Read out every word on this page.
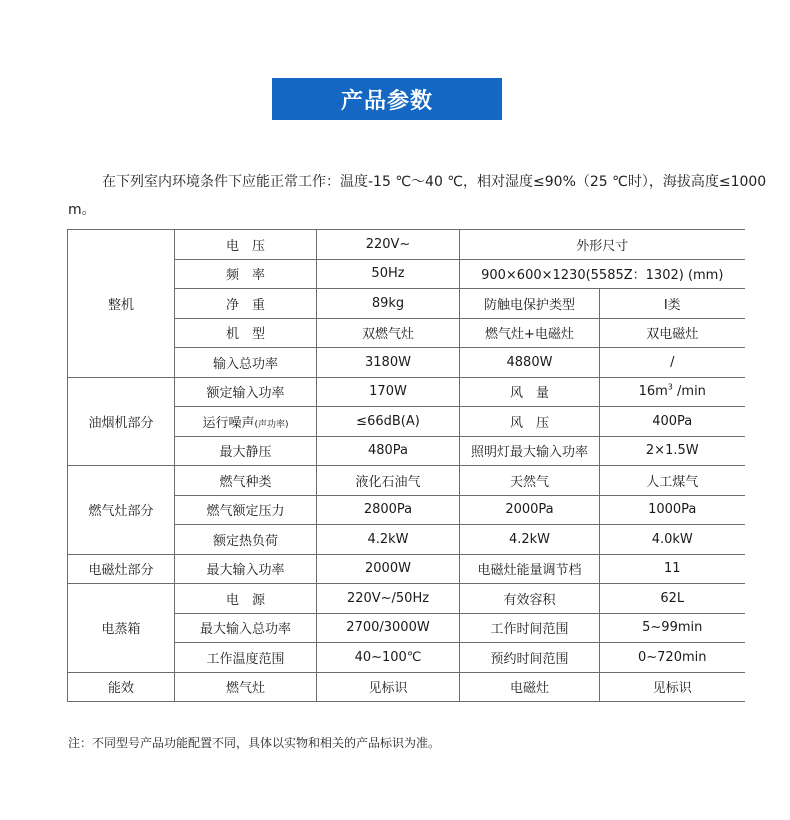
产品参数
在下列室内环境条件下应能正常工作：温度-15 ℃～40 ℃，相对湿度≤90%（25 ℃时），海拔高度≤1000 m。
整机	电　压	220V~	外形尺寸	
	频　率	50Hz	900×600×1230(5585Z：1302) (mm)	
	净　重	89kg	防触电保护类型	Ⅰ类
	机　型	双燃气灶	燃气灶+电磁灶	双电磁灶
	输入总功率	3180W	4880W	/
油烟机部分	额定输入功率	170W	风　量	$16m^3$ /min
	运行噪声(声功率)	≤66dB(A)	风　压	400Pa
	最大静压	480Pa	照明灯最大输入功率	2×1.5W
燃气灶部分	燃气种类	液化石油气	天然气	人工煤气
	燃气额定压力	2800Pa	2000Pa	1000Pa
	额定热负荷	4.2kW	4.2kW	4.0kW
电磁灶部分	最大输入功率	2000W	电磁灶能量调节档	11
电蒸箱	电　源	220V~/50Hz	有效容积	62L
	最大输入总功率	2700/3000W	工作时间范围	5~99min
	工作温度范围	40~100℃	预约时间范围	0~720min
能效	燃气灶	见标识	电磁灶	见标识
注：不同型号产品功能配置不同，具体以实物和相关的产品标识为准。
